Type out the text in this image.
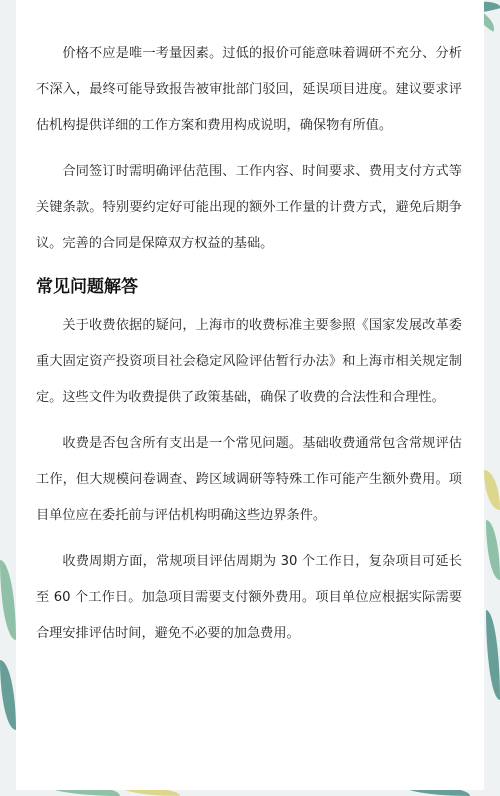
价格不应是唯一考量因素。过低的报价可能意味着调研不充分、分析不深入，最终可能导致报告被审批部门驳回，延误项目进度。建议要求评估机构提供详细的工作方案和费用构成说明，确保物有所值。

合同签订时需明确评估范围、工作内容、时间要求、费用支付方式等关键条款。特别要约定好可能出现的额外工作量的计费方式，避免后期争议。完善的合同是保障双方权益的基础。

常见问题解答

关于收费依据的疑问，上海市的收费标准主要参照《国家发展改革委重大固定资产投资项目社会稳定风险评估暂行办法》和上海市相关规定制定。这些文件为收费提供了政策基础，确保了收费的合法性和合理性。

收费是否包含所有支出是一个常见问题。基础收费通常包含常规评估工作，但大规模问卷调查、跨区域调研等特殊工作可能产生额外费用。项目单位应在委托前与评估机构明确这些边界条件。

收费周期方面，常规项目评估周期为 30 个工作日，复杂项目可延长至 60 个工作日。加急项目需要支付额外费用。项目单位应根据实际需要合理安排评估时间，避免不必要的加急费用。
